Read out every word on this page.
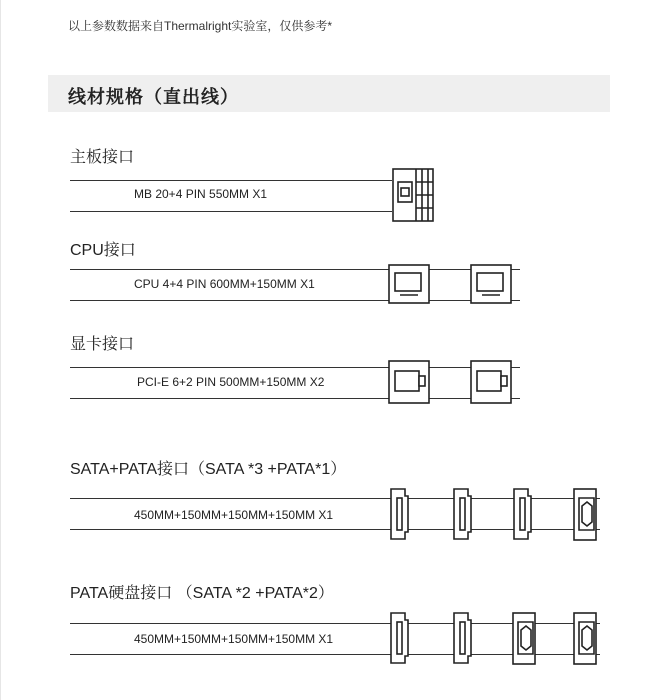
以上参数数据来自Thermalright实验室，仅供参考*
线材规格（直出线）
主板接口
MB 20+4 PIN 550MM X1
CPU接口
CPU 4+4 PIN 600MM+150MM X1
显卡接口
PCI-E 6+2 PIN 500MM+150MM X2
SATA+PATA接口（SATA *3 +PATA*1）
450MM+150MM+150MM+150MM X1
PATA硬盘接口 （SATA *2 +PATA*2）
450MM+150MM+150MM+150MM X1
